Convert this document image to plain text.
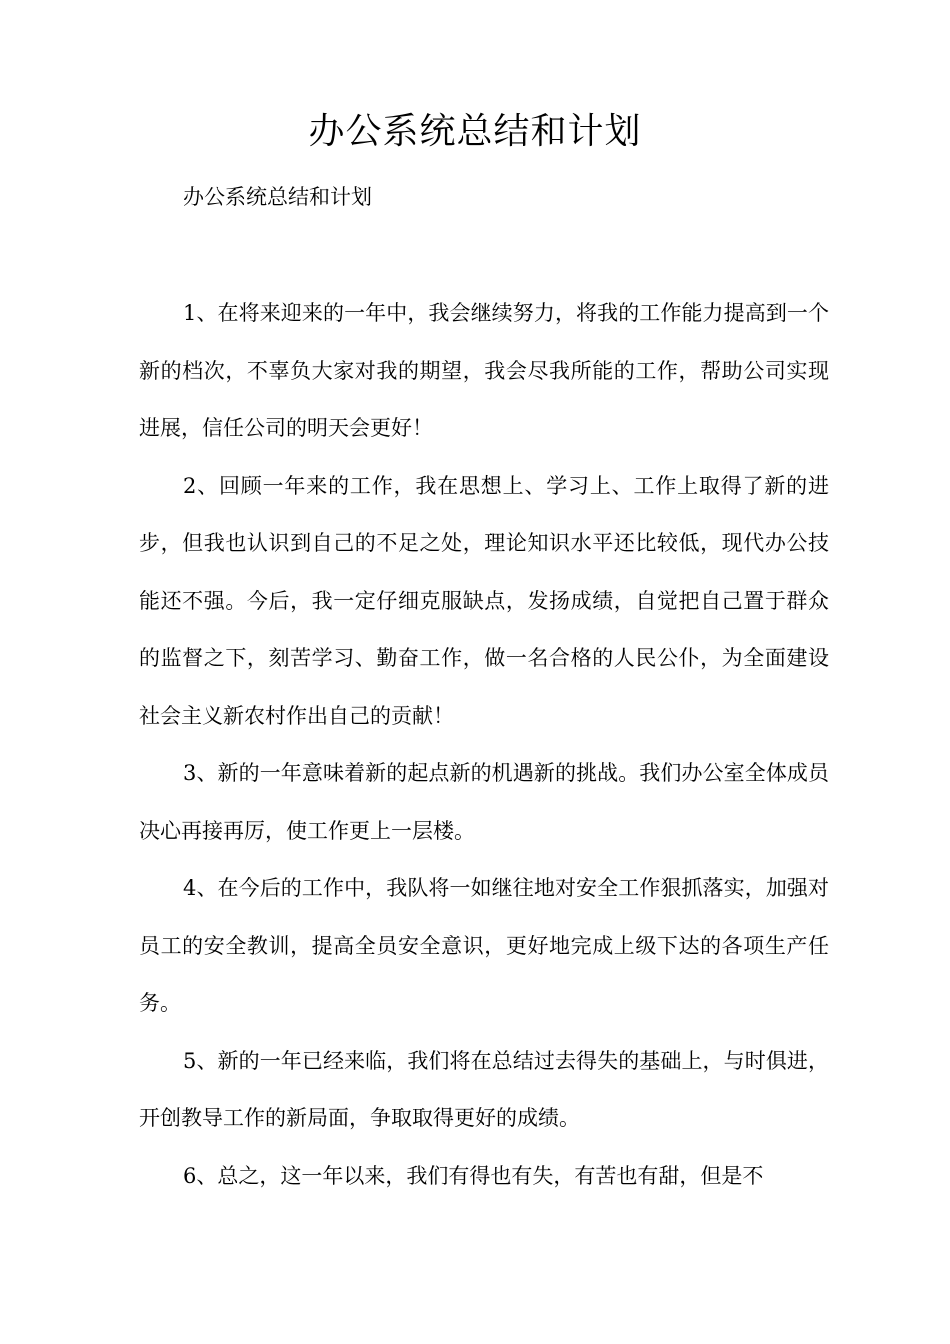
办公系统总结和计划

办公系统总结和计划

1、在将来迎来的一年中，我会继续努力，将我的工作能力提高到一个新的档次，不辜负大家对我的期望，我会尽我所能的工作，帮助公司实现进展，信任公司的明天会更好！

2、回顾一年来的工作，我在思想上、学习上、工作上取得了新的进步，但我也认识到自己的不足之处，理论知识水平还比较低，现代办公技能还不强。今后，我一定仔细克服缺点，发扬成绩，自觉把自己置于群众的监督之下，刻苦学习、勤奋工作，做一名合格的人民公仆，为全面建设社会主义新农村作出自己的贡献！

3、新的一年意味着新的起点新的机遇新的挑战。我们办公室全体成员决心再接再厉，使工作更上一层楼。

4、在今后的工作中，我队将一如继往地对安全工作狠抓落实，加强对员工的安全教训，提高全员安全意识，更好地完成上级下达的各项生产任务。

5、新的一年已经来临，我们将在总结过去得失的基础上，与时俱进，开创教导工作的新局面，争取取得更好的成绩。

6、总之，这一年以来，我们有得也有失，有苦也有甜，但是不
